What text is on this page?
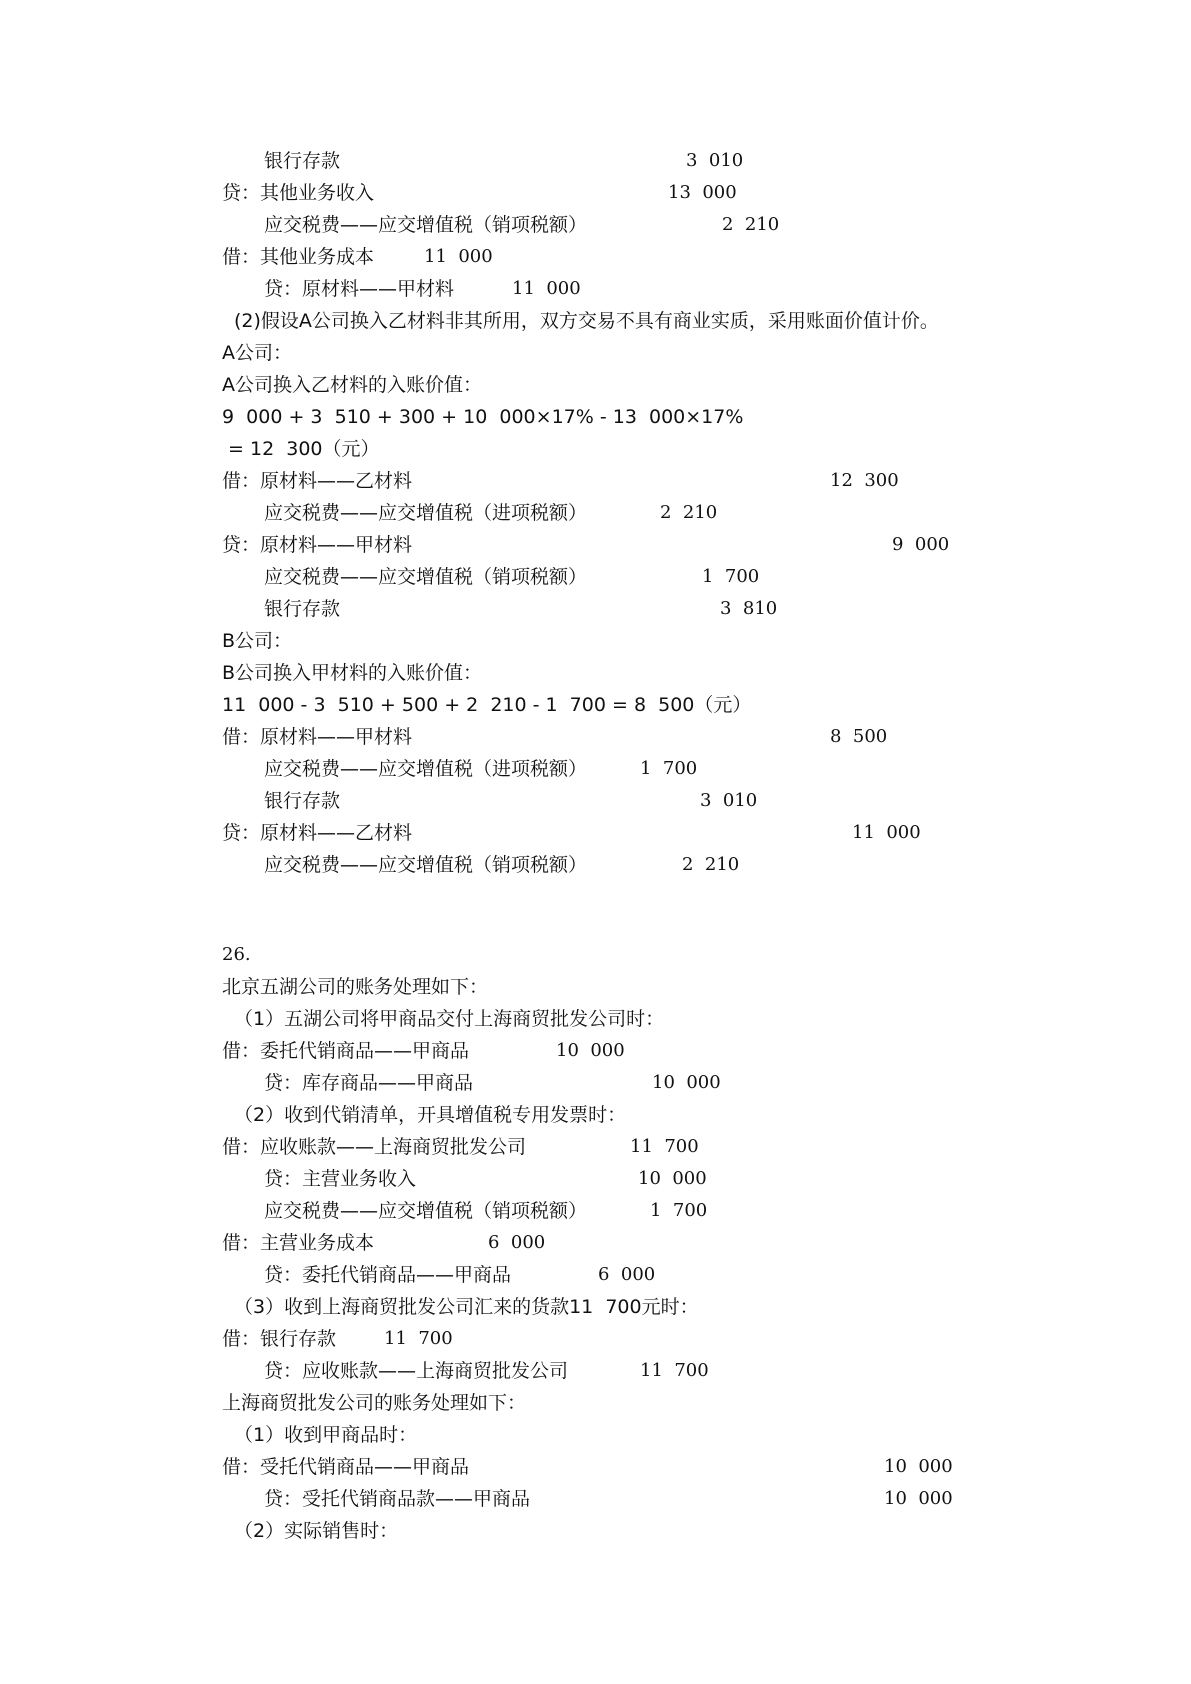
银行存款	3  010
贷：其他业务收入	13  000
应交税费——应交增值税（销项税额）	2  210
借：其他业务成本	11  000
贷：原材料——甲材料	11  000
(2)假设A公司换入乙材料非其所用，双方交易不具有商业实质，采用账面价值计价。
A公司：
A公司换入乙材料的入账价值：
9  000 + 3  510 + 300 + 10  000×17% - 13  000×17%
= 12  300（元）
借：原材料——乙材料	12  300
应交税费——应交增值税（进项税额）	2  210
贷：原材料——甲材料	9  000
应交税费——应交增值税（销项税额）	1  700
银行存款	3  810
B公司：
B公司换入甲材料的入账价值：
11  000 - 3  510 + 500 + 2  210 - 1  700 = 8  500（元）
借：原材料——甲材料	8  500
应交税费——应交增值税（进项税额）	1  700
银行存款	3  010
贷：原材料——乙材料	11  000
应交税费——应交增值税（销项税额）	2  210
26.
北京五湖公司的账务处理如下：
（1）五湖公司将甲商品交付上海商贸批发公司时：
借：委托代销商品——甲商品	10  000
贷：库存商品——甲商品	10  000
（2）收到代销清单，开具增值税专用发票时：
借：应收账款——上海商贸批发公司	11  700
贷：主营业务收入	10  000
应交税费——应交增值税（销项税额）	1  700
借：主营业务成本	6  000
贷：委托代销商品——甲商品	6  000
（3）收到上海商贸批发公司汇来的货款11  700元时：
借：银行存款	11  700
贷：应收账款——上海商贸批发公司	11  700
上海商贸批发公司的账务处理如下：
（1）收到甲商品时：
借：受托代销商品——甲商品	10  000
贷：受托代销商品款——甲商品	10  000
（2）实际销售时：
